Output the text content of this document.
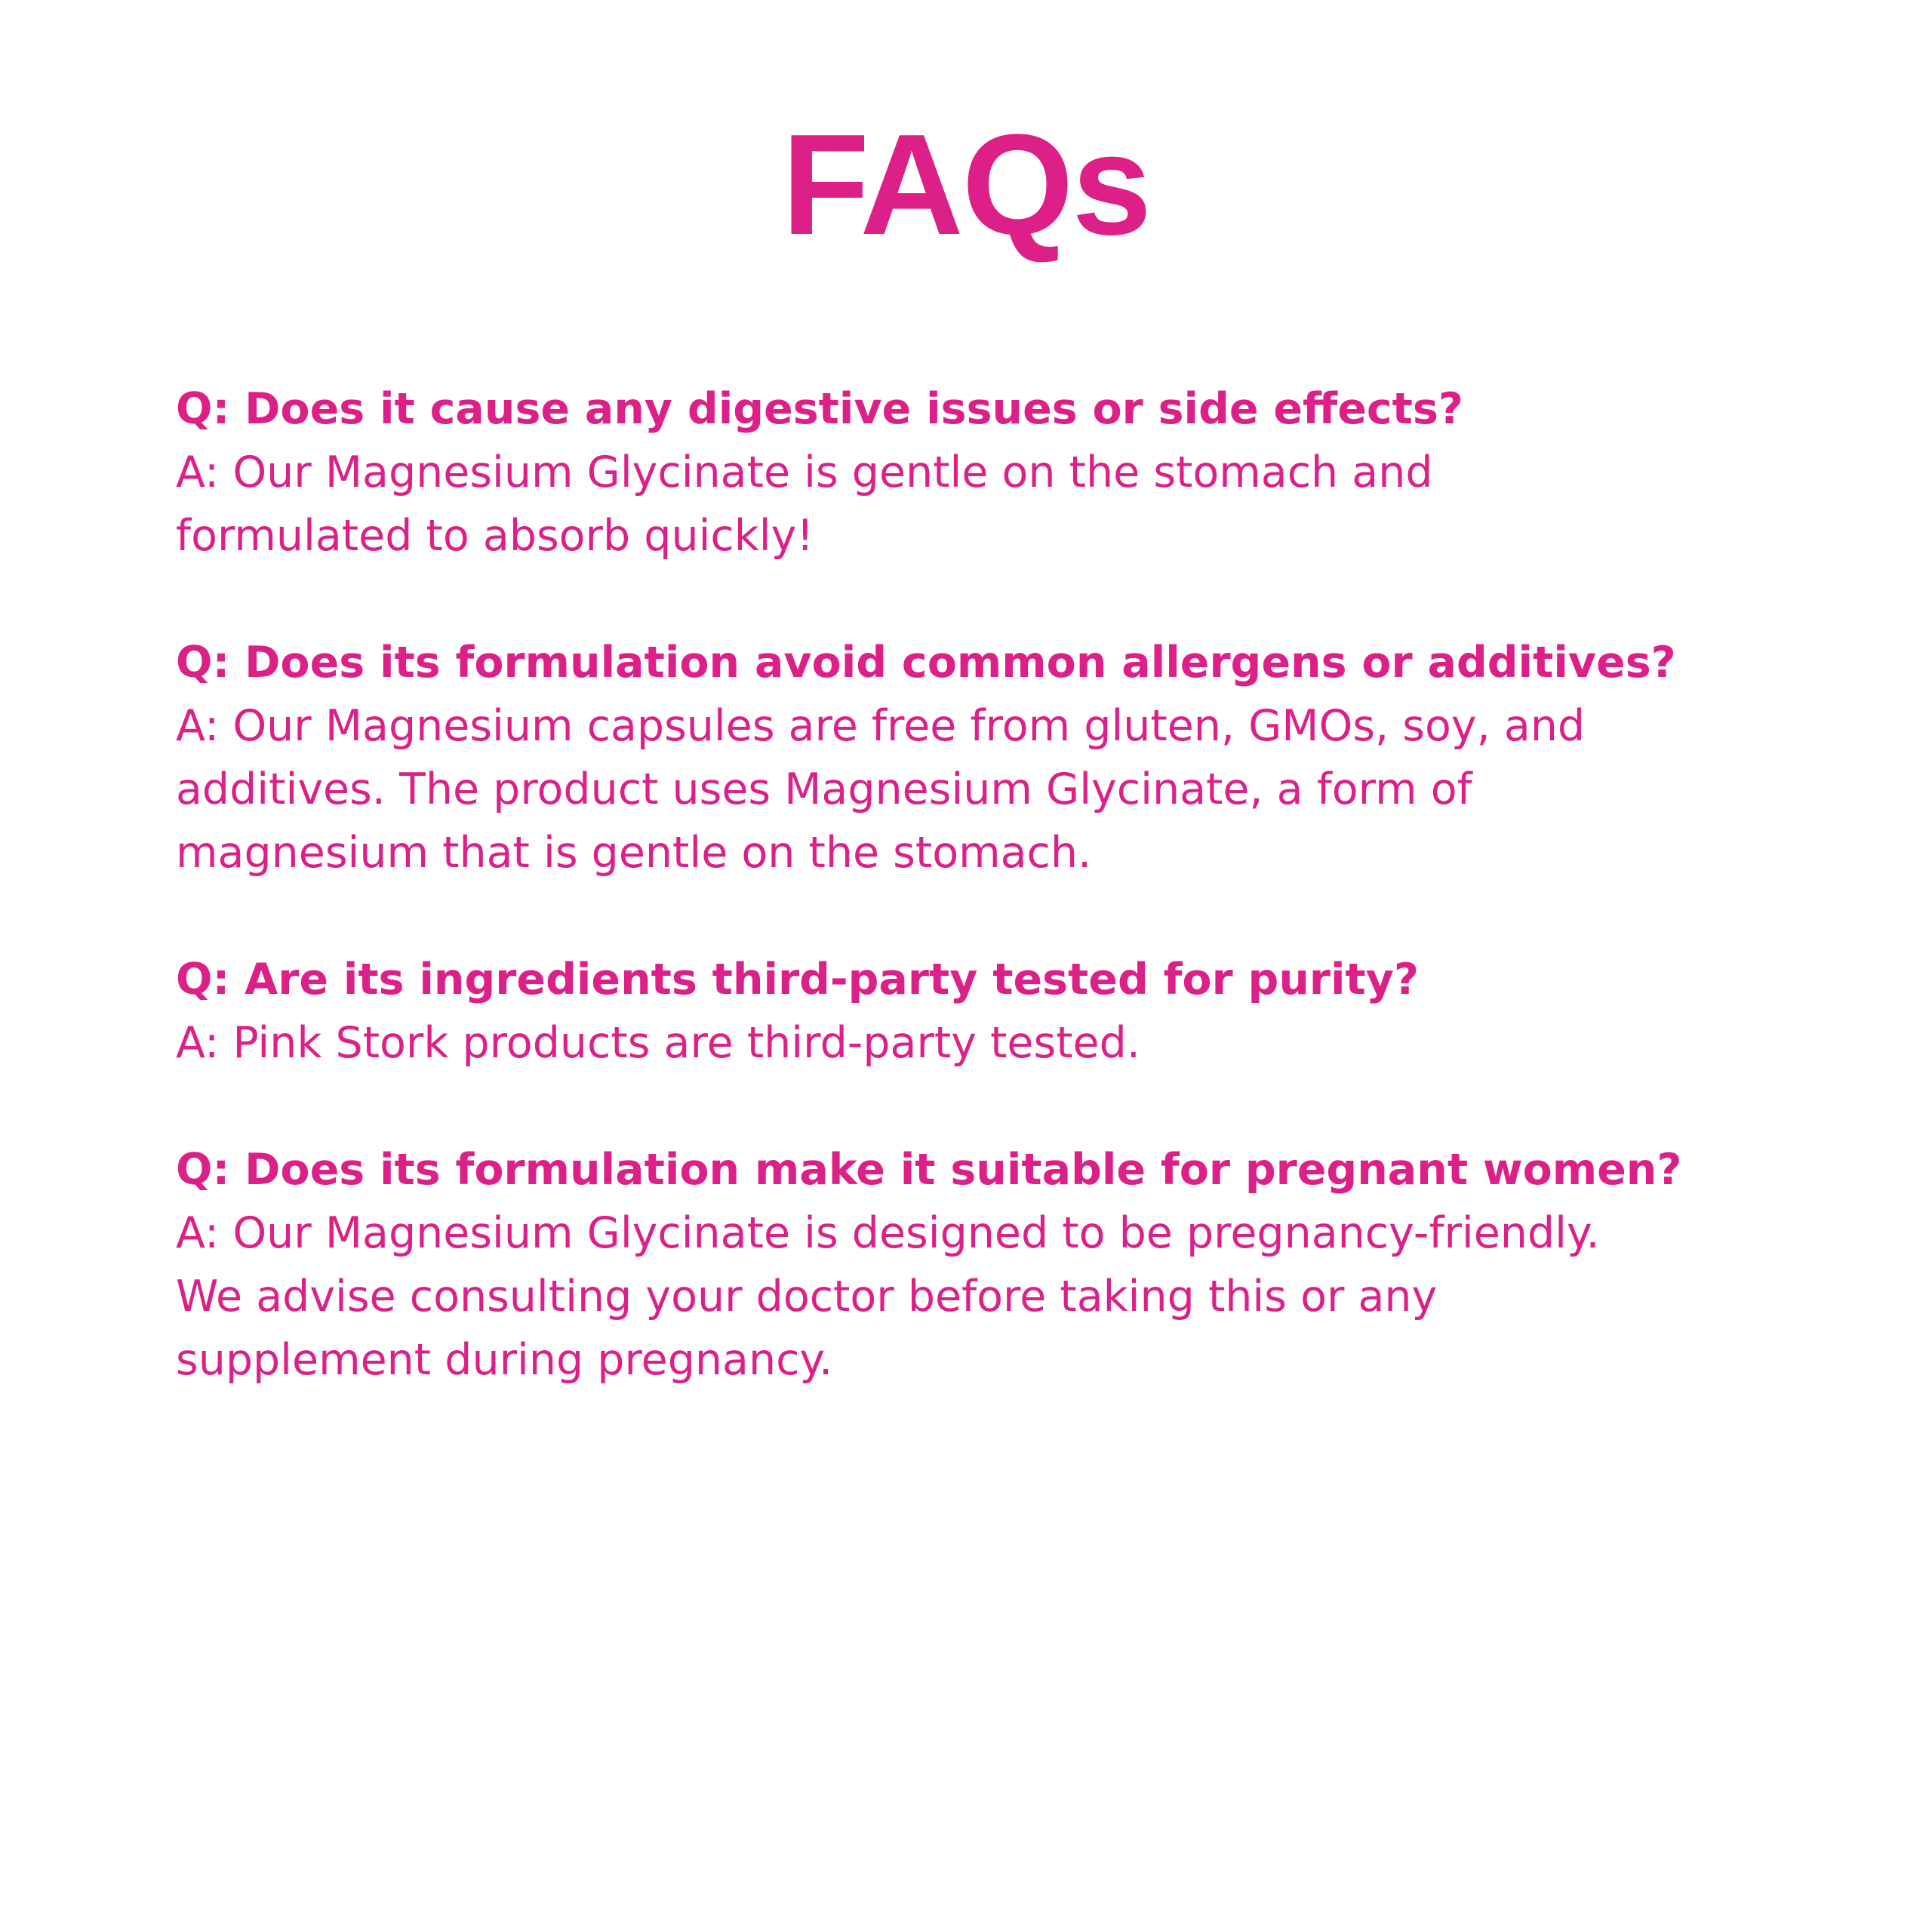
FAQs
Q: Does it cause any digestive issues or side effects?
A: Our Magnesium Glycinate is gentle on the stomach and
formulated to absorb quickly!
Q: Does its formulation avoid common allergens or additives?
A: Our Magnesium capsules are free from gluten, GMOs, soy, and
additives. The product uses Magnesium Glycinate, a form of
magnesium that is gentle on the stomach.
Q: Are its ingredients third-party tested for purity?
A: Pink Stork products are third-party tested.
Q: Does its formulation make it suitable for pregnant women?
A: Our Magnesium Glycinate is designed to be pregnancy-friendly.
We advise consulting your doctor before taking this or any
supplement during pregnancy.
